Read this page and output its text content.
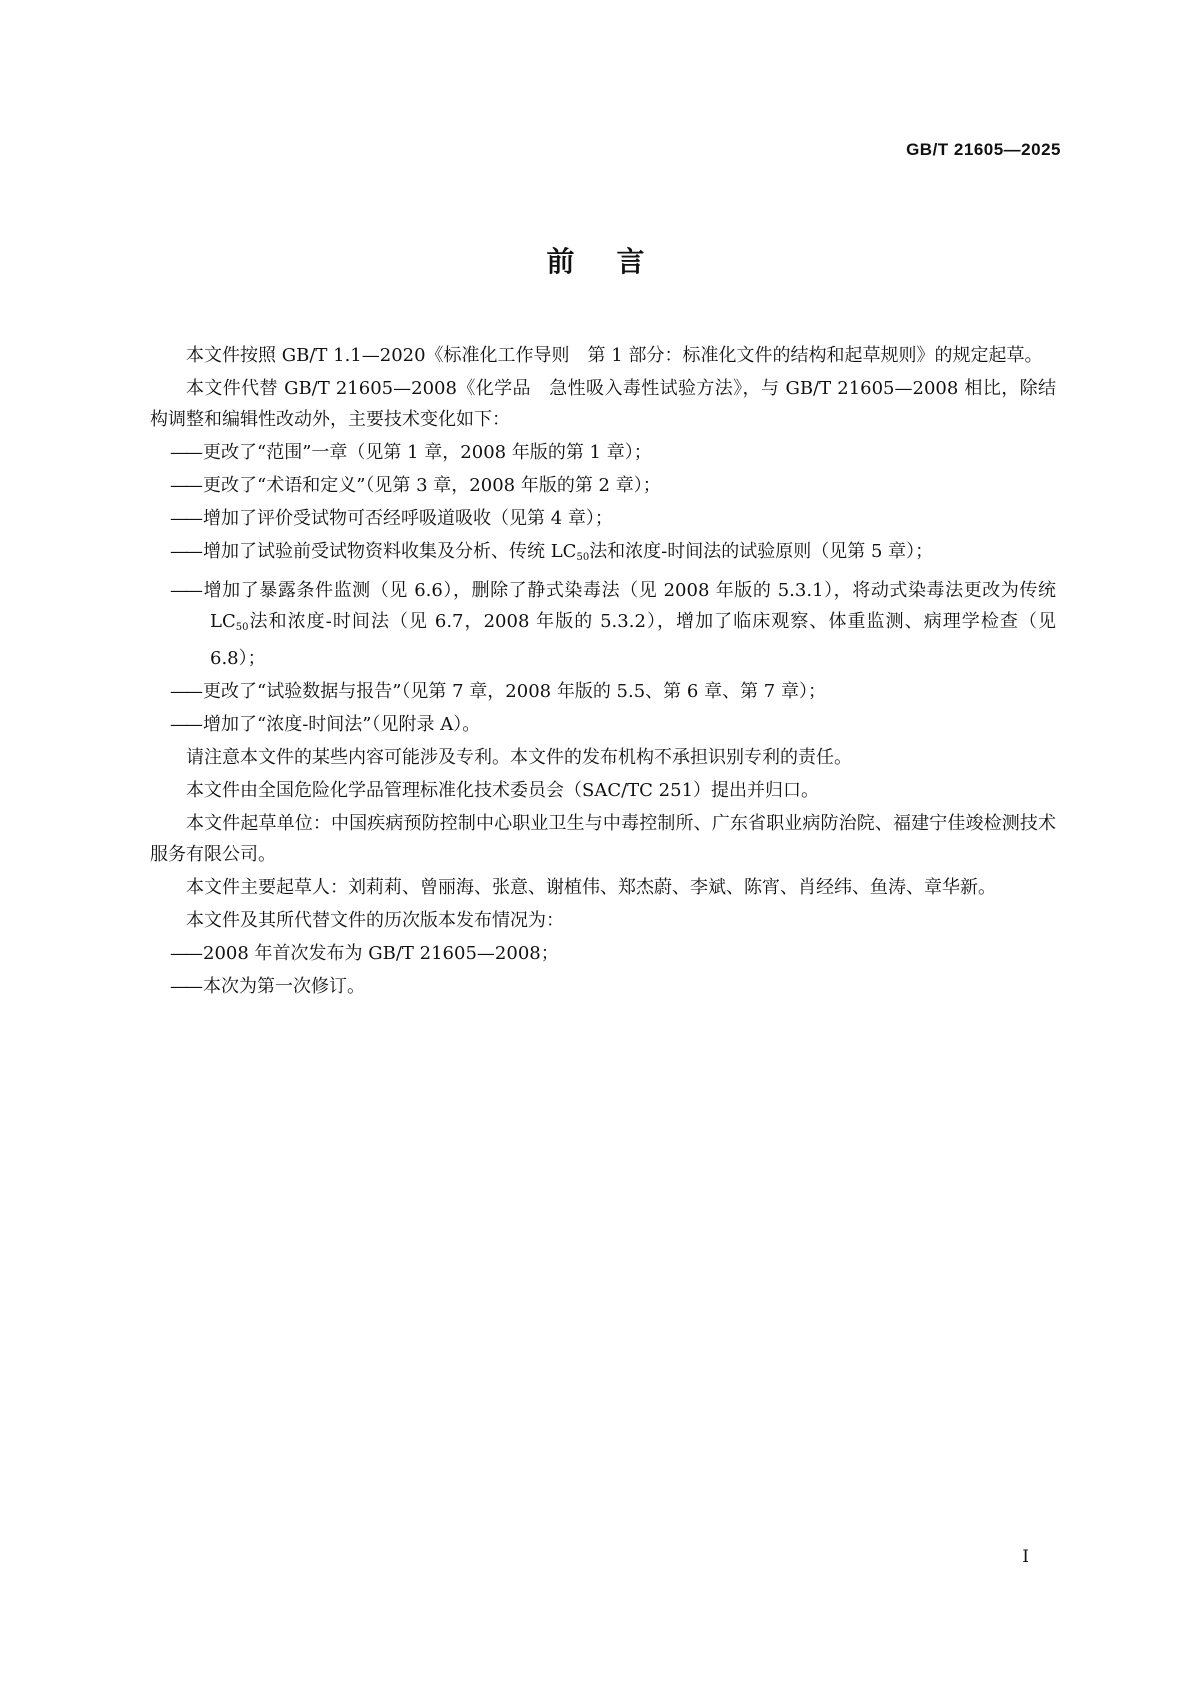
GB/T 21605—2025
前言

本文件按照 GB/T 1.1—2020《标准化工作导则　第 1 部分：标准化文件的结构和起草规则》的规定起草。

本文件代替 GB/T 21605—2008《化学品　急性吸入毒性试验方法》，与 GB/T 21605—2008 相比，除结构调整和编辑性改动外，主要技术变化如下：

—— 更改了“范围”一章（见第 1 章，2008 年版的第 1 章）；

—— 更改了“术语和定义”（见第 3 章，2008 年版的第 2 章）；

—— 增加了评价受试物可否经呼吸道吸收（见第 4 章）；

—— 增加了试验前受试物资料收集及分析、传统 $LC_{50}$法和浓度-时间法的试验原则（见第 5 章）；

—— 增加了暴露条件监测（见 6.6），删除了静式染毒法（见 2008 年版的 5.3.1），将动式染毒法更改为传统 $LC_{50}$法和浓度-时间法（见 6.7，2008 年版的 5.3.2），增加了临床观察、体重监测、病理学检查（见 6.8）；

—— 更改了“试验数据与报告”（见第 7 章，2008 年版的 5.5、第 6 章、第 7 章）；

—— 增加了“浓度-时间法”（见附录 A）。

请注意本文件的某些内容可能涉及专利。本文件的发布机构不承担识别专利的责任。

本文件由全国危险化学品管理标准化技术委员会（SAC/TC 251）提出并归口。

本文件起草单位：中国疾病预防控制中心职业卫生与中毒控制所、广东省职业病防治院、福建宁佳竣检测技术服务有限公司。

本文件主要起草人：刘莉莉、曾丽海、张意、谢植伟、郑杰蔚、李斌、陈宵、肖经纬、鱼涛、章华新。

本文件及其所代替文件的历次版本发布情况为：

—— 2008 年首次发布为 GB/T 21605—2008；

—— 本次为第一次修订。

I
